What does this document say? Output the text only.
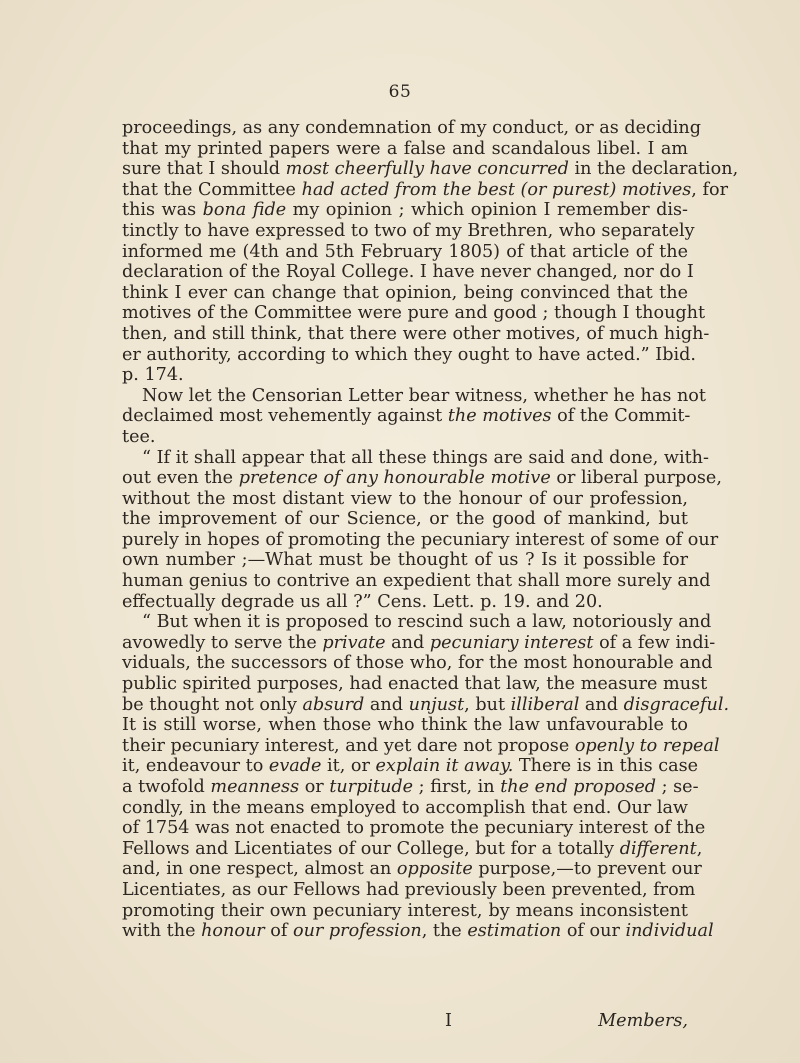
65
proceedings, as any condemnation of my conduct, or as deciding
that my printed papers were a false and scandalous libel. I am
sure that I should most cheerfully have concurred in the declaration,
that the Committee had acted from the best (or purest) motives, for
this was bona fide my opinion ; which opinion I remember dis-
tinctly to have expressed to two of my Brethren, who separately
informed me (4th and 5th February 1805) of that article of the
declaration of the Royal College. I have never changed, nor do I
think I ever can change that opinion, being convinced that the
motives of the Committee were pure and good ; though I thought
then, and still think, that there were other motives, of much high-
er authority, according to which they ought to have acted.” Ibid.
p. 174.
Now let the Censorian Letter bear witness, whether he has not
declaimed most vehemently against the motives of the Commit-
tee.
“ If it shall appear that all these things are said and done, with-
out even the pretence of any honourable motive or liberal purpose,
without the most distant view to the honour of our profession,
the improvement of our Science, or the good of mankind, but
purely in hopes of promoting the pecuniary interest of some of our
own number ;—What must be thought of us ? Is it possible for
human genius to contrive an expedient that shall more surely and
effectually degrade us all ?” Cens. Lett. p. 19. and 20.
“ But when it is proposed to rescind such a law, notoriously and
avowedly to serve the private and pecuniary interest of a few indi-
viduals, the successors of those who, for the most honourable and
public spirited purposes, had enacted that law, the measure must
be thought not only absurd and unjust, but illiberal and disgraceful.
It is still worse, when those who think the law unfavourable to
their pecuniary interest, and yet dare not propose openly to repeal
it, endeavour to evade it, or explain it away. There is in this case
a twofold meanness or turpitude ; first, in the end proposed ; se-
condly, in the means employed to accomplish that end. Our law
of 1754 was not enacted to promote the pecuniary interest of the
Fellows and Licentiates of our College, but for a totally different,
and, in one respect, almost an opposite purpose,—to prevent our
Licentiates, as our Fellows had previously been prevented, from
promoting their own pecuniary interest, by means inconsistent
with the honour of our profession, the estimation of our individual
I	Members,
